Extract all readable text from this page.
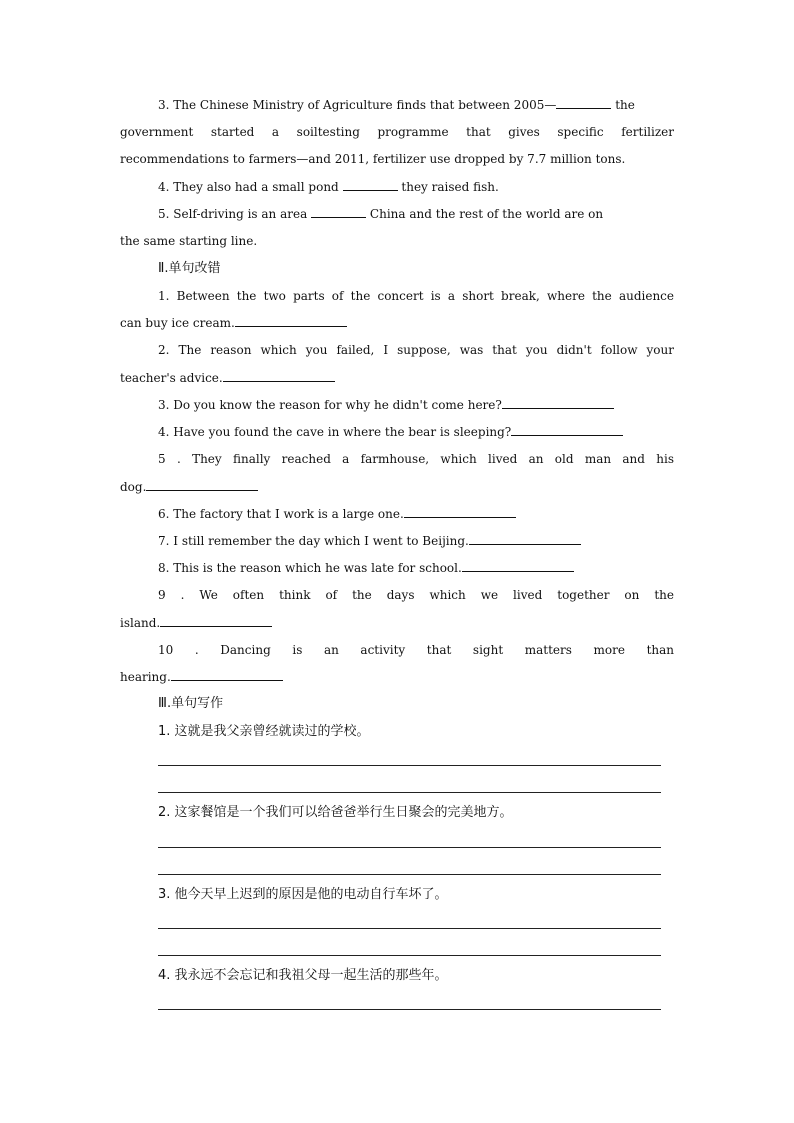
3. The Chinese Ministry of Agriculture finds that between 2005—	the
government started a soiltesting programme that gives specific fertilizer
recommendations to farmers—and 2011, fertilizer use dropped by 7.7 million tons.
4. They also had a small pond	they raised fish.
5. Self-driving is an area	China and the rest of the world are on
the same starting line.
Ⅱ.单句改错
1. Between the two parts of the concert is a short break, where the audience
can buy ice cream.
2. The reason which you failed, I suppose, was that you didn't follow your
teacher's advice.
3. Do you know the reason for why he didn't come here?
4. Have you found the cave in where the bear is sleeping?
5 . They finally reached a farmhouse, which lived an old man and his
dog.
6. The factory that I work is a large one.
7. I still remember the day which I went to Beijing.
8. This is the reason which he was late for school.
9 . We often think of the days which we lived together on the
island.
10 . Dancing is an activity that sight matters more than
hearing.
Ⅲ.单句写作
1. 这就是我父亲曾经就读过的学校。
2. 这家餐馆是一个我们可以给爸爸举行生日聚会的完美地方。
3. 他今天早上迟到的原因是他的电动自行车坏了。
4. 我永远不会忘记和我祖父母一起生活的那些年。
